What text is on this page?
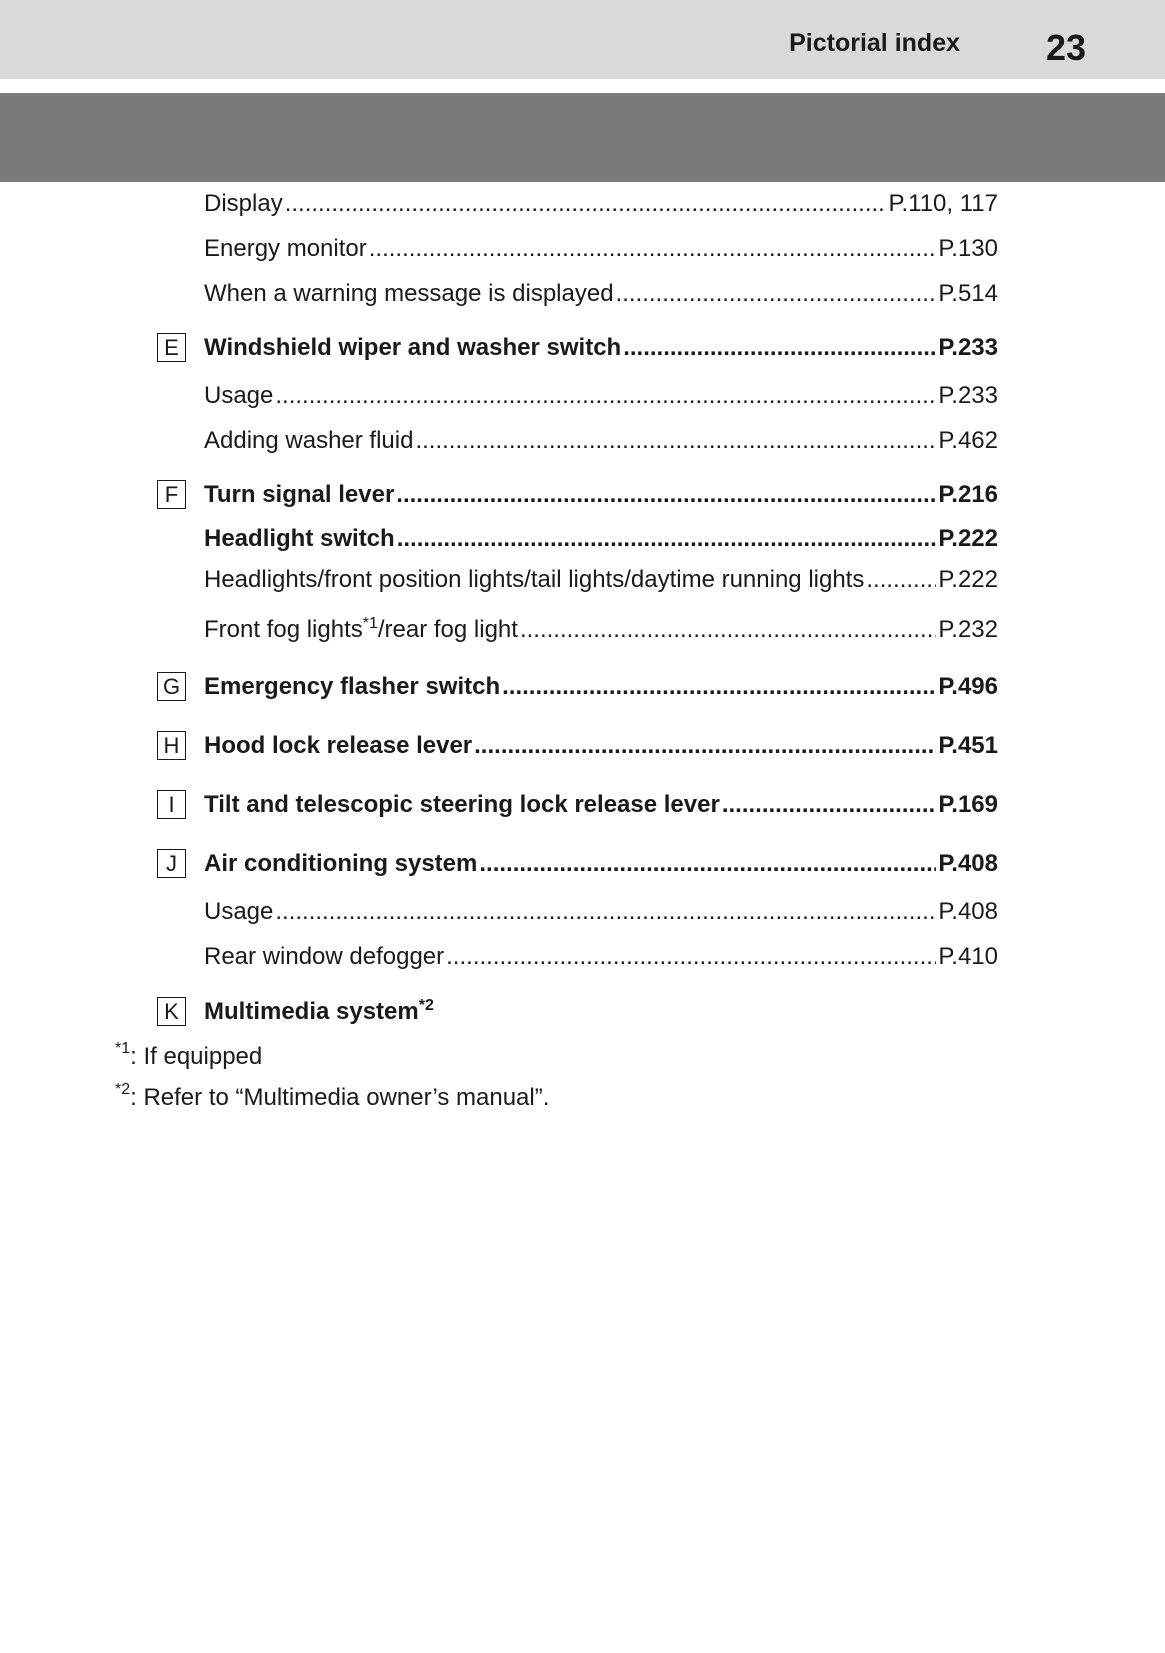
Pictorial index 23
Display .....	P.110, 117
Energy monitor .....	P.130
When a warning message is displayed .....	P.514
E Windshield wiper and washer switch .....	P.233
Usage .....	P.233
Adding washer fluid .....	P.462
F	Turn signal lever .....	P.216
Headlight switch .....	P.222
Headlights/front position lights/tail lights/daytime running lights .....	P.222
Front fog lights$^{*1}$/rear fog light .....	P.232
G Emergency flasher switch .....	P.496
H Hood lock release lever .....	P.451
I	Tilt and telescopic steering lock release lever .....	P.169
J	Air conditioning system .....	P.408
Usage .....	P.408
Rear window defogger .....	P.410
K Multimedia system$^{*2}$
$^{*1}$: If equipped
$^{*2}$: Refer to “Multimedia owner’s manual”.
